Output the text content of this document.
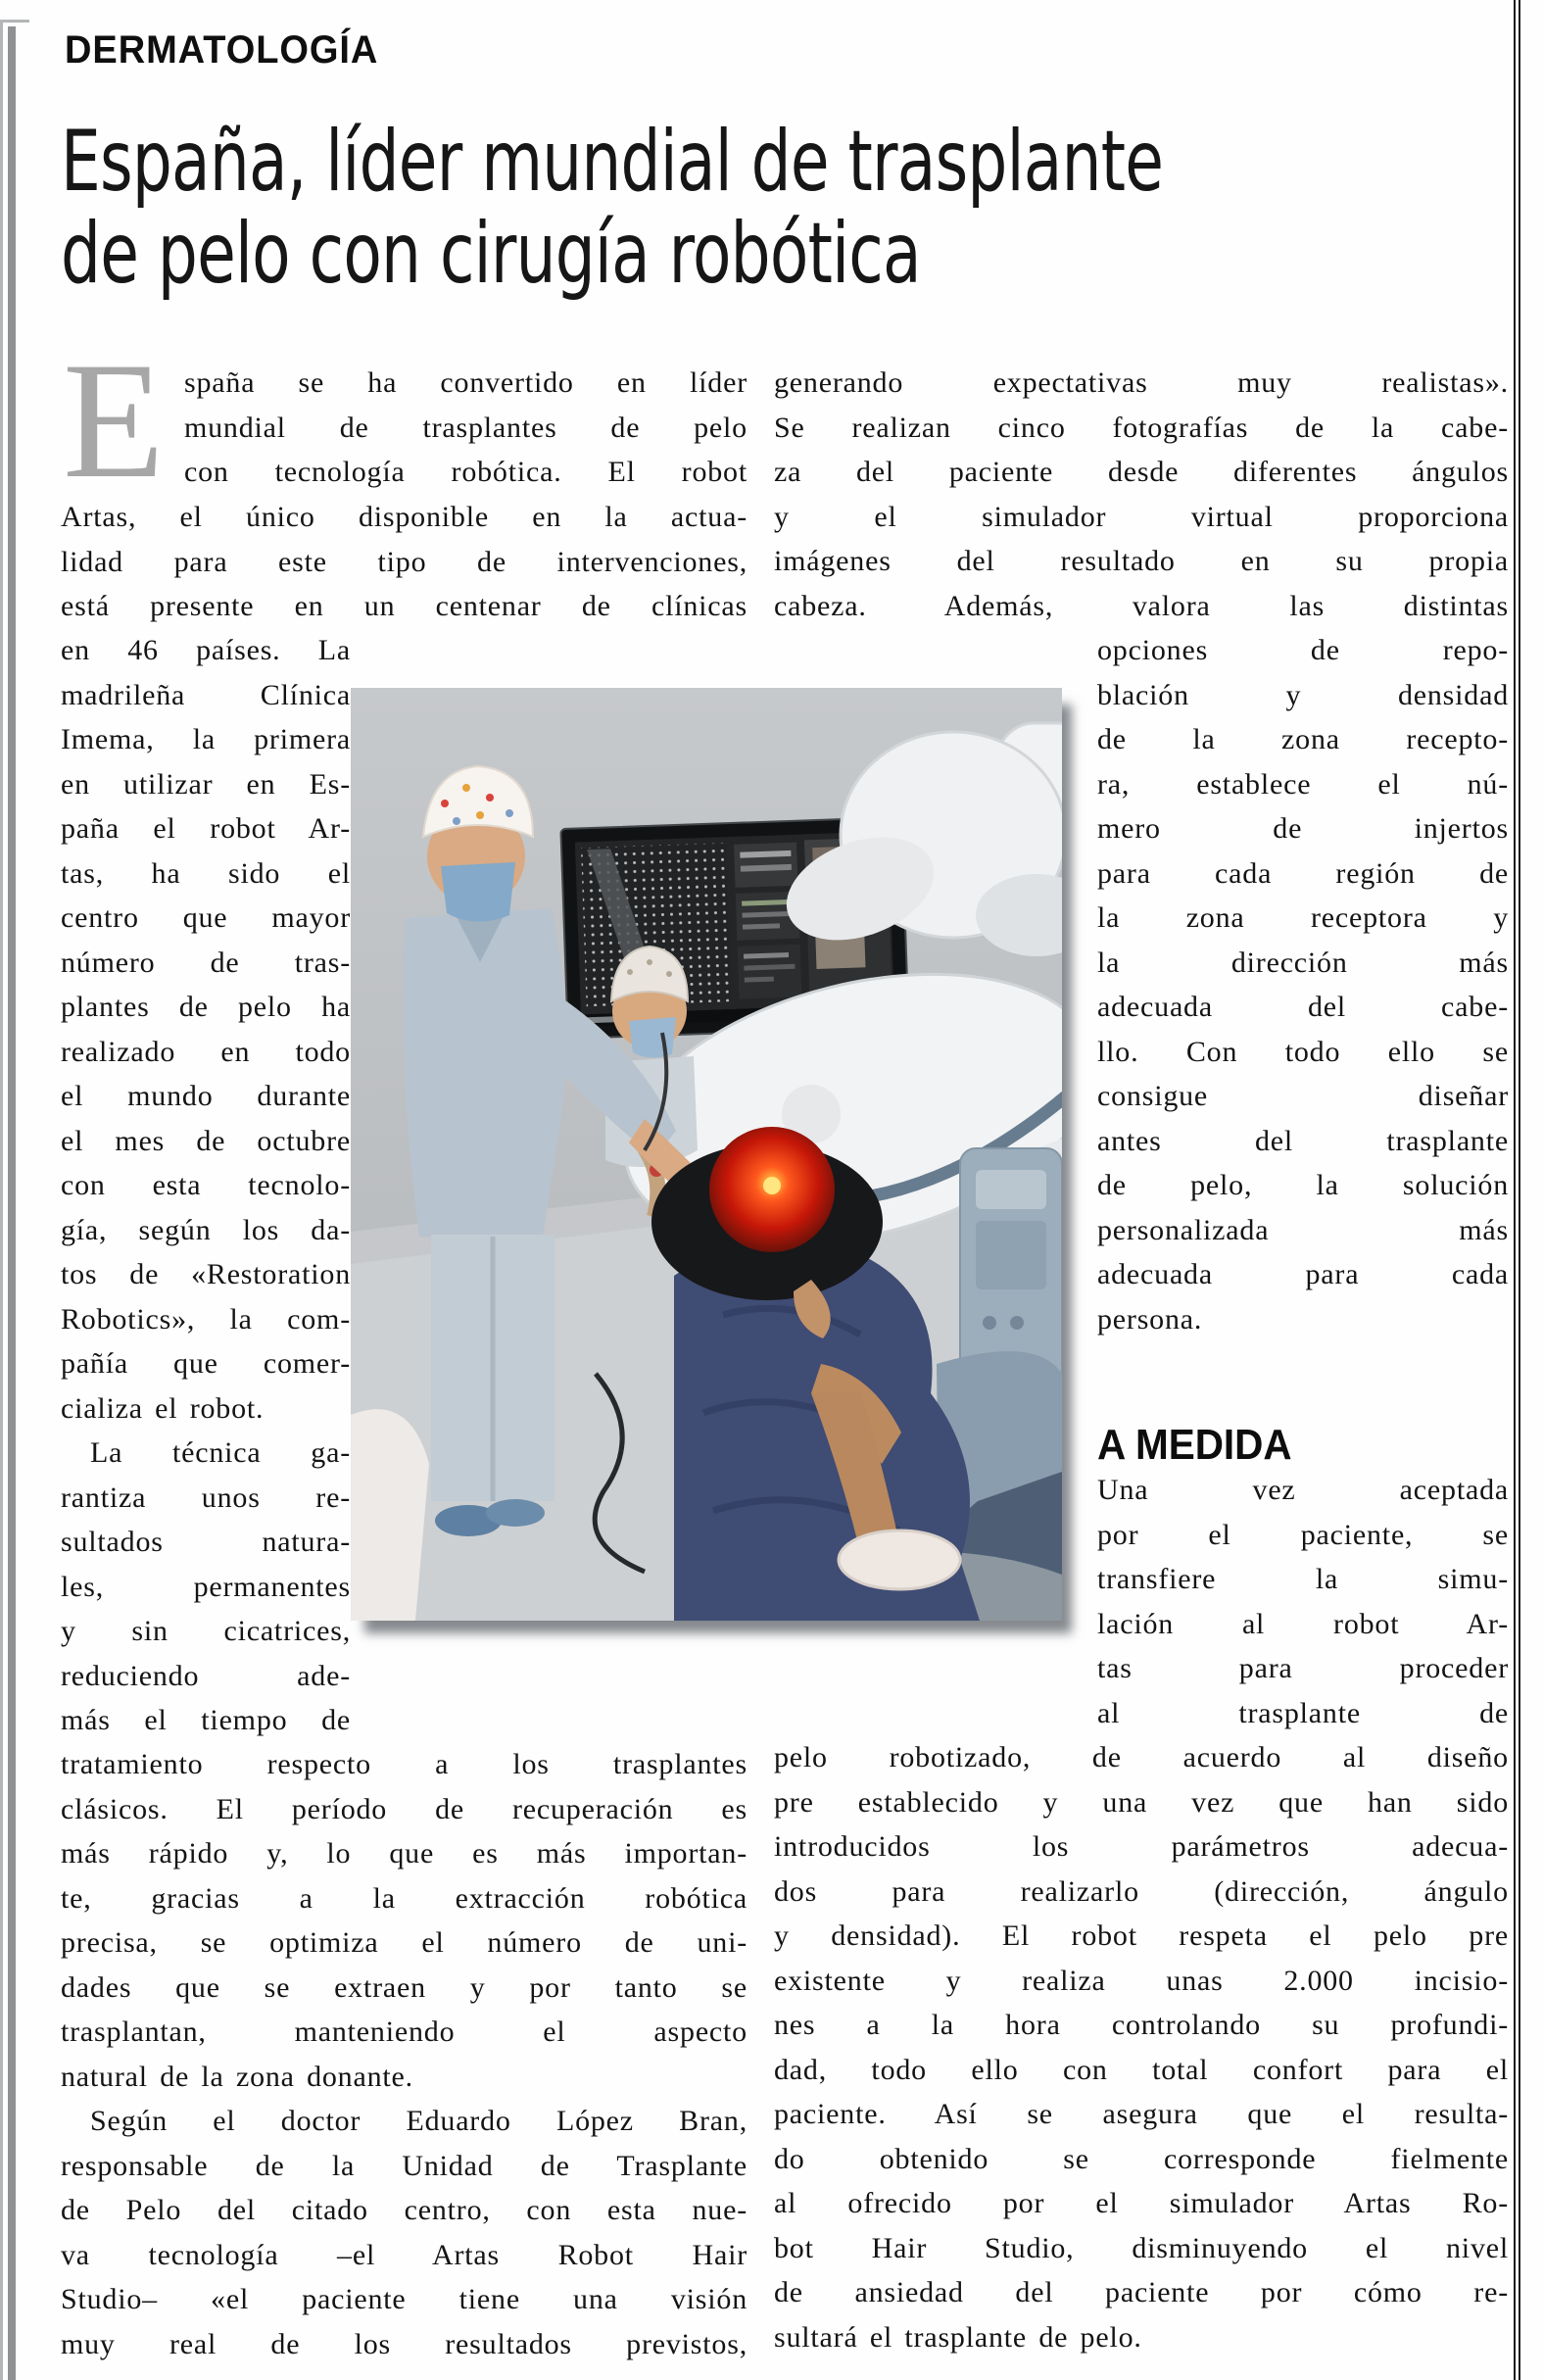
DERMATOLOGÍA
España, líder mundial de trasplante
de pelo con cirugía robótica
E spaña se ha convertido en líder
mundial de trasplantes de pelo
con tecnología robótica. El robot
Artas, el único disponible en la actua-
lidad para este tipo de intervenciones,
está presente en un centenar de clínicas
en 46 países. La
madrileña Clínica
Imema, la primera
en utilizar en Es-
paña el robot Ar-
tas, ha sido el
centro que mayor
número de tras-
plantes de pelo ha
realizado en todo
el mundo durante
el mes de octubre
con esta tecnolo-
gía, según los da-
tos de «Restoration
Robotics», la com-
pañía que comer-
cializa el robot.
La técnica ga-
rantiza unos re-
sultados natura-
les, permanentes
y sin cicatrices,
reduciendo ade-
más el tiempo de
tratamiento respecto a los trasplantes
clásicos. El período de recuperación es
más rápido y, lo que es más importan-
te, gracias a la extracción robótica
precisa, se optimiza el número de uni-
dades que se extraen y por tanto se
trasplantan, manteniendo el aspecto
natural de la zona donante.
Según el doctor Eduardo López Bran,
responsable de la Unidad de Trasplante
de Pelo del citado centro, con esta nue-
va tecnología –el Artas Robot Hair
Studio– «el paciente tiene una visión
muy real de los resultados previstos,
generando expectativas muy realistas».
Se realizan cinco fotografías de la cabe-
za del paciente desde diferentes ángulos
y el simulador virtual proporciona
imágenes del resultado en su propia
cabeza. Además, valora las distintas
opciones de repo-
blación y densidad
de la zona recepto-
ra, establece el nú-
mero de injertos
para cada región de
la zona receptora y
la dirección más
adecuada del cabe-
llo. Con todo ello se
consigue diseñar
antes del trasplante
de pelo, la solución
personalizada más
adecuada para cada
persona.
A MEDIDA
Una vez aceptada
por el paciente, se
transfiere la simu-
lación al robot Ar-
tas para proceder
al trasplante de
pelo robotizado, de acuerdo al diseño
pre establecido y una vez que han sido
introducidos los parámetros adecua-
dos para realizarlo (dirección, ángulo
y densidad). El robot respeta el pelo pre
existente y realiza unas 2.000 incisio-
nes a la hora controlando su profundi-
dad, todo ello con total confort para el
paciente. Así se asegura que el resulta-
do obtenido se corresponde fielmente
al ofrecido por el simulador Artas Ro-
bot Hair Studio, disminuyendo el nivel
de ansiedad del paciente por cómo re-
sultará el trasplante de pelo.
